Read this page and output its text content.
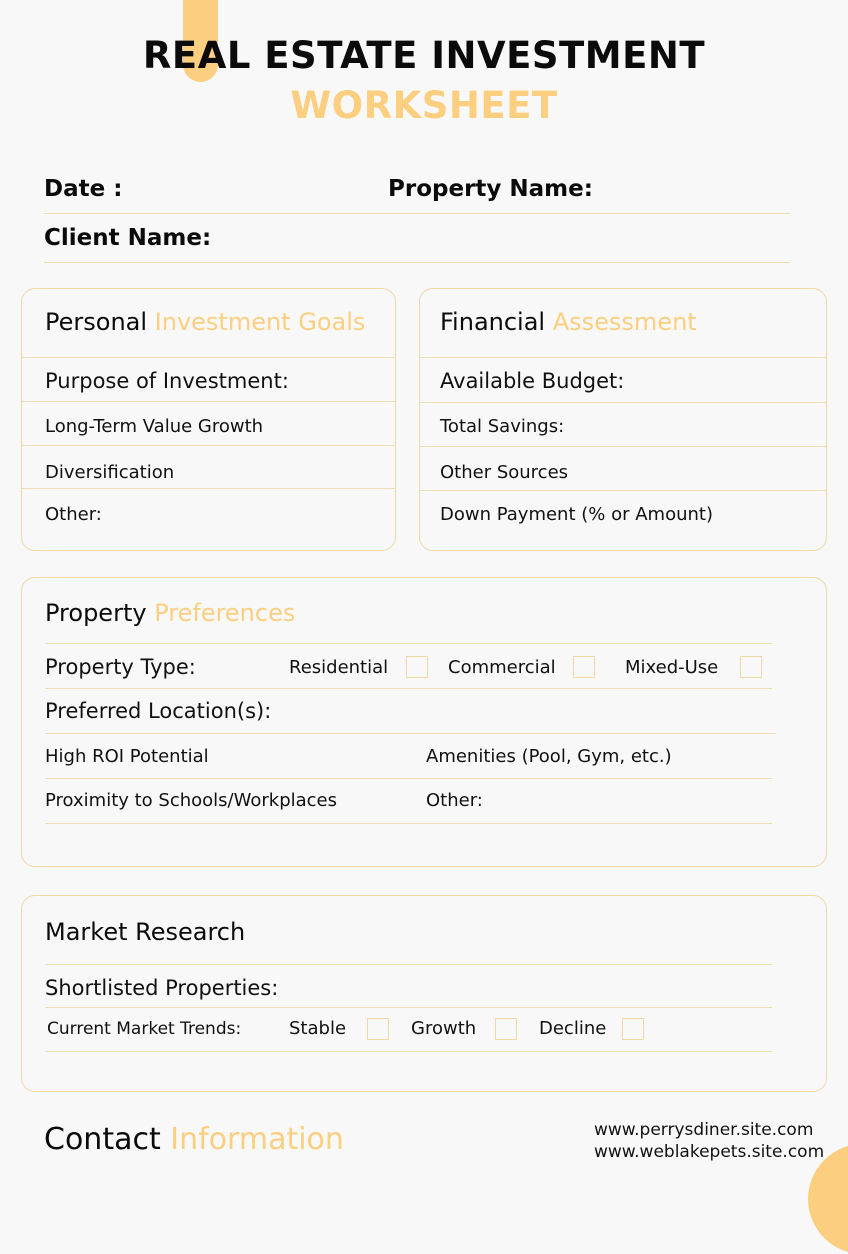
REAL ESTATE INVESTMENT
WORKSHEET
Date :	Property Name:
Client Name:
Personal Investment Goals
Purpose of Investment:
Long-Term Value Growth
Diversification
Other:
Financial Assessment
Available Budget:
Total Savings:
Other Sources
Down Payment (% or Amount)
Property Preferences
Property Type:	Residential	Commercial	Mixed-Use
Preferred Location(s):
High ROI Potential	Amenities (Pool, Gym, etc.)
Proximity to Schools/Workplaces	Other:
Market Research
Shortlisted Properties:
Current Market Trends:	Stable	Growth	Decline
Contact Information	www.perrysdiner.site.com
www.weblakepets.site.com
